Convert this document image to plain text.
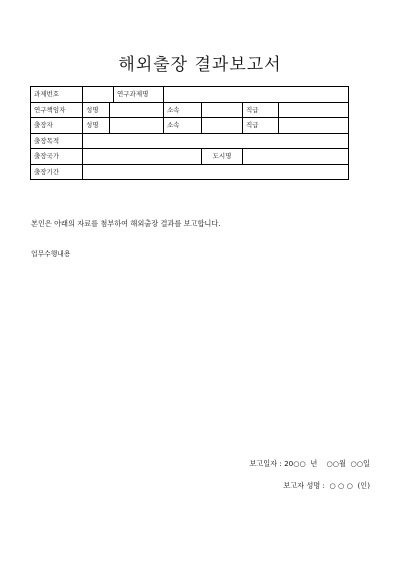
해외출장 결과보고서
과제번호			연구과제명				
연구책임자	성명			소속		직급	
출장자	성명			소속		직급	
출장목적							
출장국가					도시명		
출장기간							
본인은 아래의 자료를 첨부하여 해외출장 결과를 보고합니다.
업무수행내용
보고일자 : 20○○  년    ○○월  ○○일
보고자 성명 :  ○ ○ ○  (인)
